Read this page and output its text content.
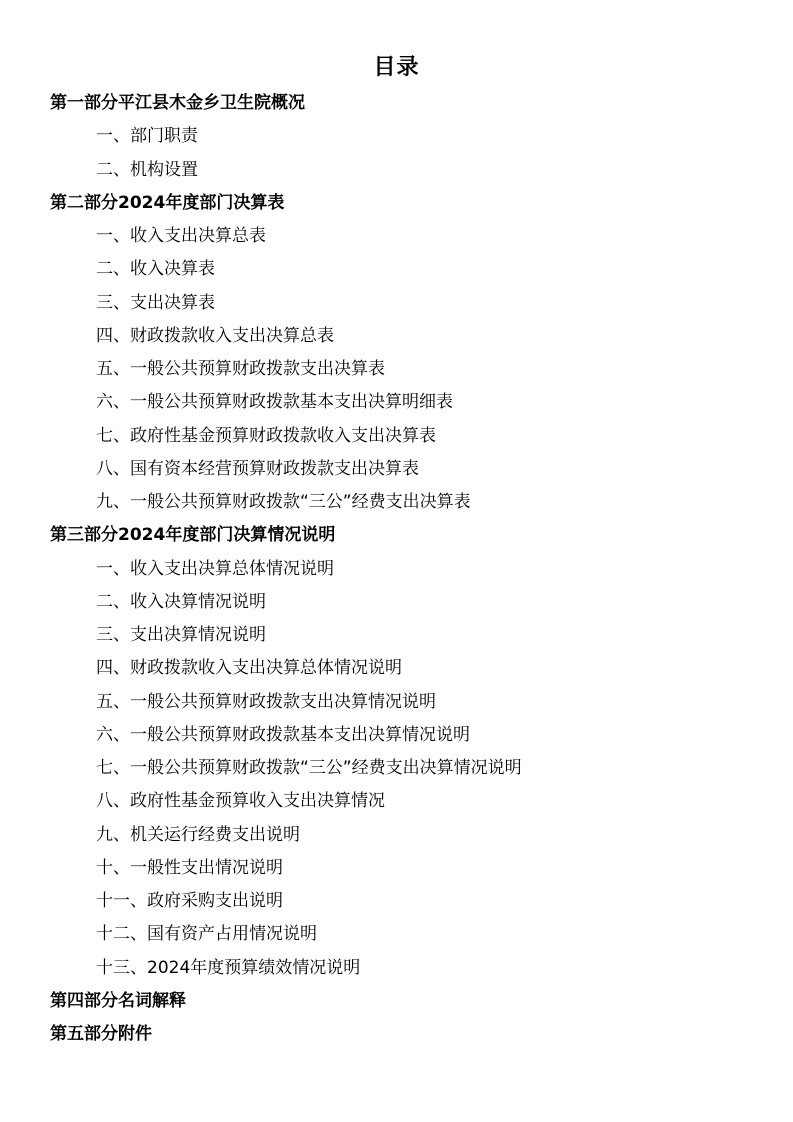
目录
第一部分平江县木金乡卫生院概况
一、部门职责
二、机构设置
第二部分2024年度部门决算表
一、收入支出决算总表
二、收入决算表
三、支出决算表
四、财政拨款收入支出决算总表
五、一般公共预算财政拨款支出决算表
六、一般公共预算财政拨款基本支出决算明细表
七、政府性基金预算财政拨款收入支出决算表
八、国有资本经营预算财政拨款支出决算表
九、一般公共预算财政拨款“三公”经费支出决算表
第三部分2024年度部门决算情况说明
一、收入支出决算总体情况说明
二、收入决算情况说明
三、支出决算情况说明
四、财政拨款收入支出决算总体情况说明
五、一般公共预算财政拨款支出决算情况说明
六、一般公共预算财政拨款基本支出决算情况说明
七、一般公共预算财政拨款“三公”经费支出决算情况说明
八、政府性基金预算收入支出决算情况
九、机关运行经费支出说明
十、一般性支出情况说明
十一、政府采购支出说明
十二、国有资产占用情况说明
十三、2024年度预算绩效情况说明
第四部分名词解释
第五部分附件
